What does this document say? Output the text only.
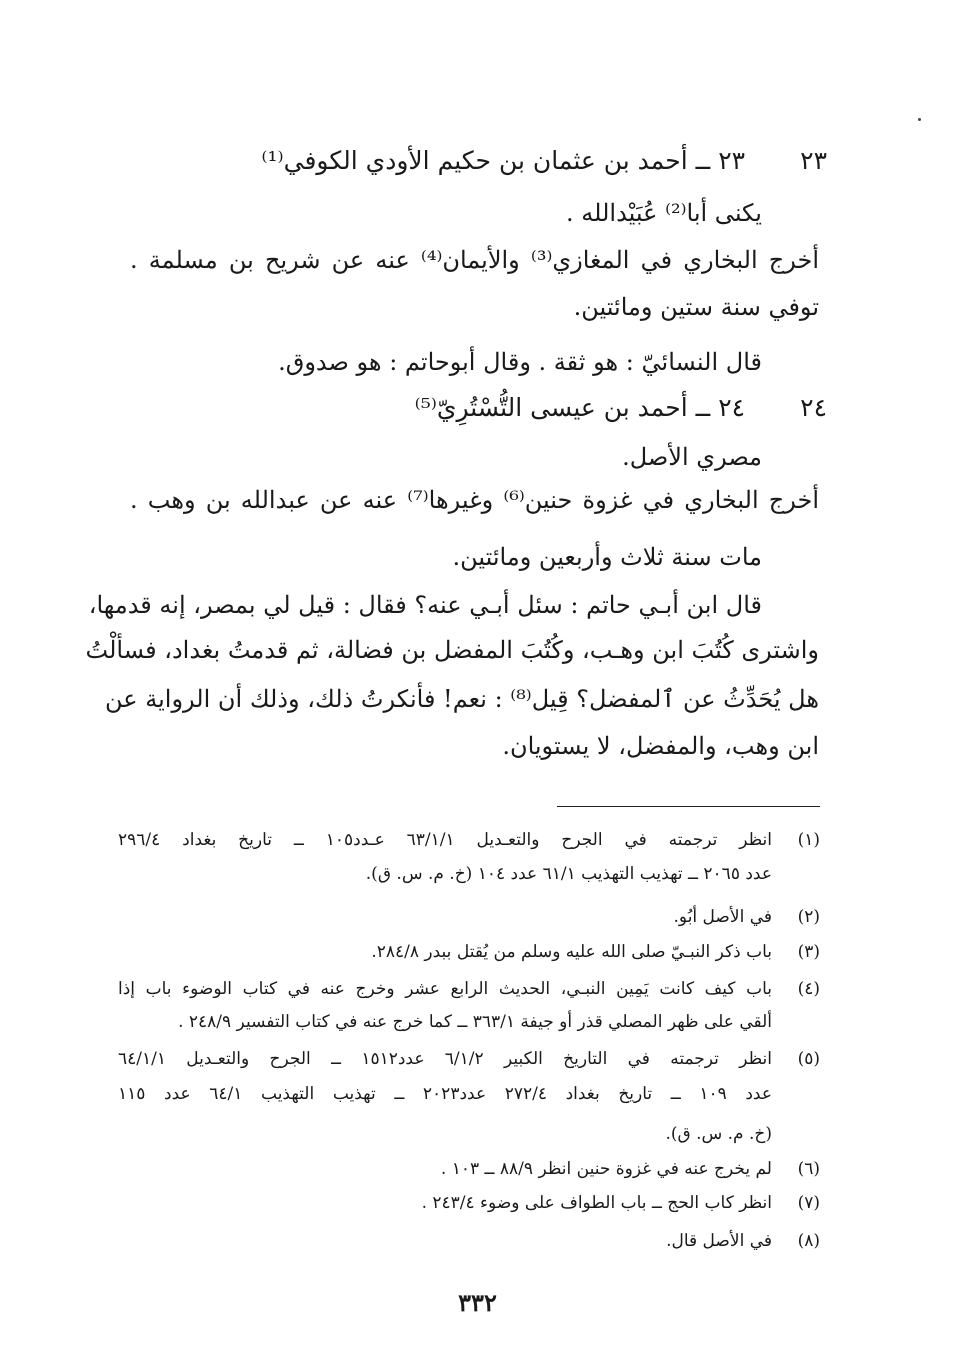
٢٣ ٢٣ ــ أحمد بن عثمان بن حكيم الأودي الكوفي⁽¹⁾
يكنى أبا⁽²⁾ عُبَيْدالله .
أخرج البخاري في المغازي⁽³⁾ والأيمان⁽⁴⁾ عنه عن شريح بن مسلمة .
توفي سنة ستين ومائتين.
قال النسائيّ : هو ثقة . وقال أبوحاتم : هو صدوق.
٢٤ ٢٤ ــ أحمد بن عيسى التُّسْتُرِيّ⁽⁵⁾
مصري الأصل.
أخرج البخاري في غزوة حنين⁽⁶⁾ وغيرها⁽⁷⁾ عنه عن عبدالله بن وهب .
مات سنة ثلاث وأربعين ومائتين.
قال ابن أبـي حاتم : سئل أبـي عنه؟ فقال : قيل لي بمصر، إنه قدمها،
واشترى كُتُبَ ابن وهـب، وكُتُبَ المفضل بن فضالة، ثم قدمتُ بغداد، فسألْتُ
هل يُحَدِّثُ عن ٱلمفضل؟ قِيل⁽⁸⁾ : نعم! فأنكرتُ ذلك، وذلك أن الرواية عن
ابن وهب، والمفضل، لا يستويان.
(١)
انظر ترجمته في الجرح والتعـديل ٦٣/١/١ عـدد١٠٥ ــ تاريخ بغداد ٢٩٦/٤
عدد ٢٠٦٥ ــ تهذيب التهذيب ٦١/١ عدد ١٠٤ (خ. م. س. ق).
(٢)
في الأصل أبُو.
(٣)
باب ذكر النبـيّ صلى الله عليه وسلم من يُقتل ببدر ٢٨٤/٨.
(٤)
باب كيف كانت يَمِين النبـي، الحديث الرابع عشر وخرج عنه في كتاب الوضوء باب إذا
ألقي على ظهر المصلي قذر أو جيفة ٣٦٣/١ ــ كما خرج عنه في كتاب التفسير ٢٤٨/٩ .
(٥)
انظر ترجمته في التاريخ الكبير ٦/١/٢ عدد١٥١٢ ــ الجرح والتعـديل ٦٤/١/١
عدد ١٠٩ ــ تاريخ بغداد ٢٧٢/٤ عدد٢٠٢٣ ــ تهذيب التهذيب ٦٤/١ عدد ١١٥
(خ. م. س. ق).
(٦)
لم يخرج عنه في غزوة حنين انظر ٨٨/٩ ــ ١٠٣ .
(٧)
انظر كاب الحج ــ باب الطواف على وضوء ٢٤٣/٤ .
(٨)
في الأصل قال.
٣٣٢
